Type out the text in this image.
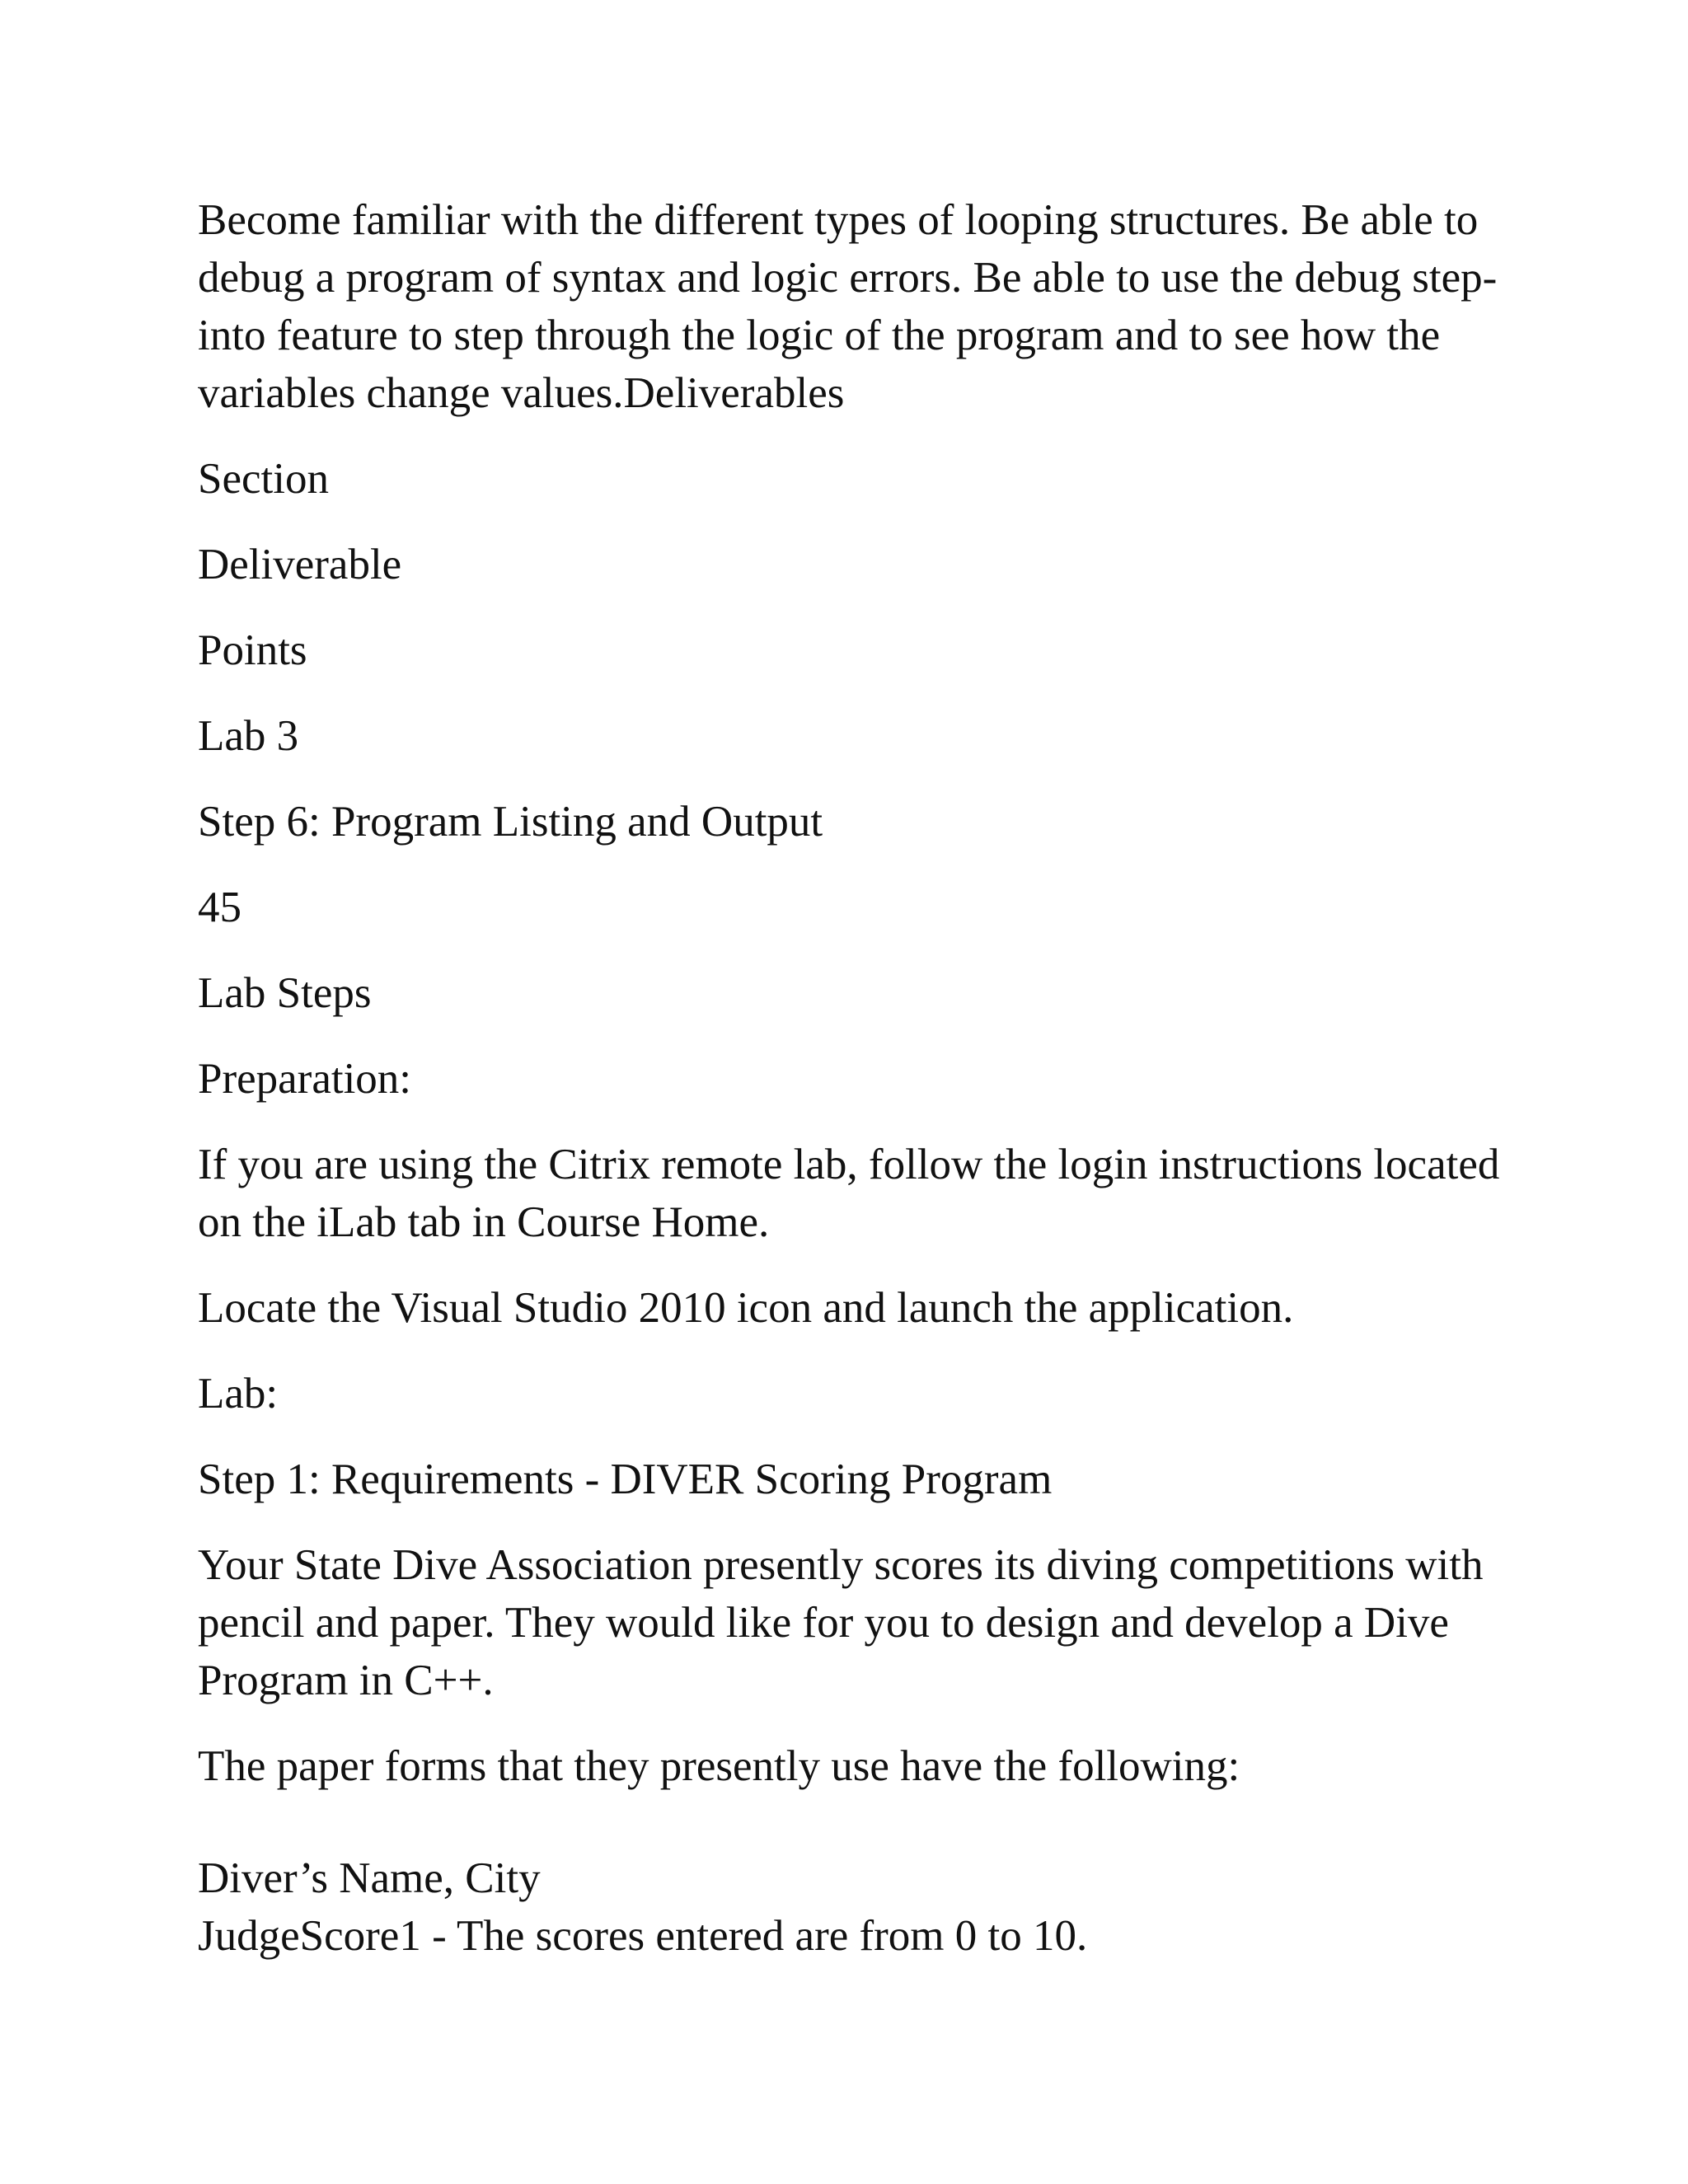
Become familiar with the different types of looping structures. Be able to debug a program of syntax and logic errors. Be able to use the debug step-into feature to step through the logic of the program and to see how the variables change values.Deliverables

Section

Deliverable

Points

Lab 3

Step 6: Program Listing and Output

45

Lab Steps

Preparation:

If you are using the Citrix remote lab, follow the login instructions located on the iLab tab in Course Home.

Locate the Visual Studio 2010 icon and launch the application.

Lab:

Step 1: Requirements - DIVER Scoring Program

Your State Dive Association presently scores its diving competitions with pencil and paper. They would like for you to design and develop a Dive Program in C++.

The paper forms that they presently use have the following:

Diver’s Name, City

JudgeScore1 - The scores entered are from 0 to 10.
